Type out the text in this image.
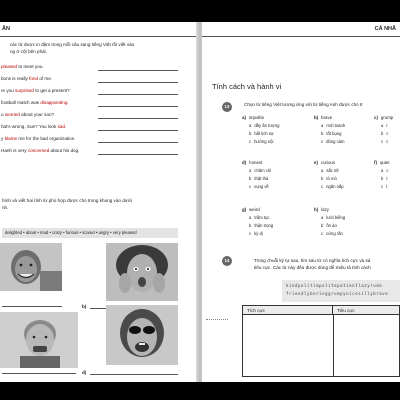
ÂN
các từ được in đậm trong mỗi câu sang tiếng Việt rồi viết vào
ng ở cột bên phải.
pleased to meet you.
bons is really fond of me.
re you surprised to get a present?
football match was disappointing.
u worried about your son?
hat's wrong, Sue? You look sad.
y blame me for the bad organization.
Hanh is very concerned about his dog.
hình và viết hai tính từ phù hợp được cho trong khung vào dưới
nh.
delighted • about • mad • crazy • furious • scared • angry • very pleased
b)
d)
CÁ NHÂ
Tính cách và hành vi
13	Chọn từ tiếng Việt tương ứng với từ tiếng Anh được cho tr
a) impolite
a đầy ấn tượng
b bất lịch sự
c hướng nội
b) brave
a mới toanh
b tốt bụng
c dũng cảm
c) grump
a r
b c
c c
d) honest
a chăm chỉ
b thật thà
c vụng về
e) curious
a sắc sỡ
b tò mò
c ngăn nắp
f) quiet
a c
b t
c t
g) weird
a trầm tục
b thận trọng
c kỳ dị
h) lazy
a lười biếng
b ồn ào
c cứng rắn
14	Trong chuỗi ký tự sau, tìm sáu từ có nghĩa tích cực và sá
tiêu cực. Các từ này đều được dùng để miêu tả tính cách
kindpolitimpolitepatientlazyrude
friendlyboringgrumpynicesillybrave
Tích cực	Tiêu cực
